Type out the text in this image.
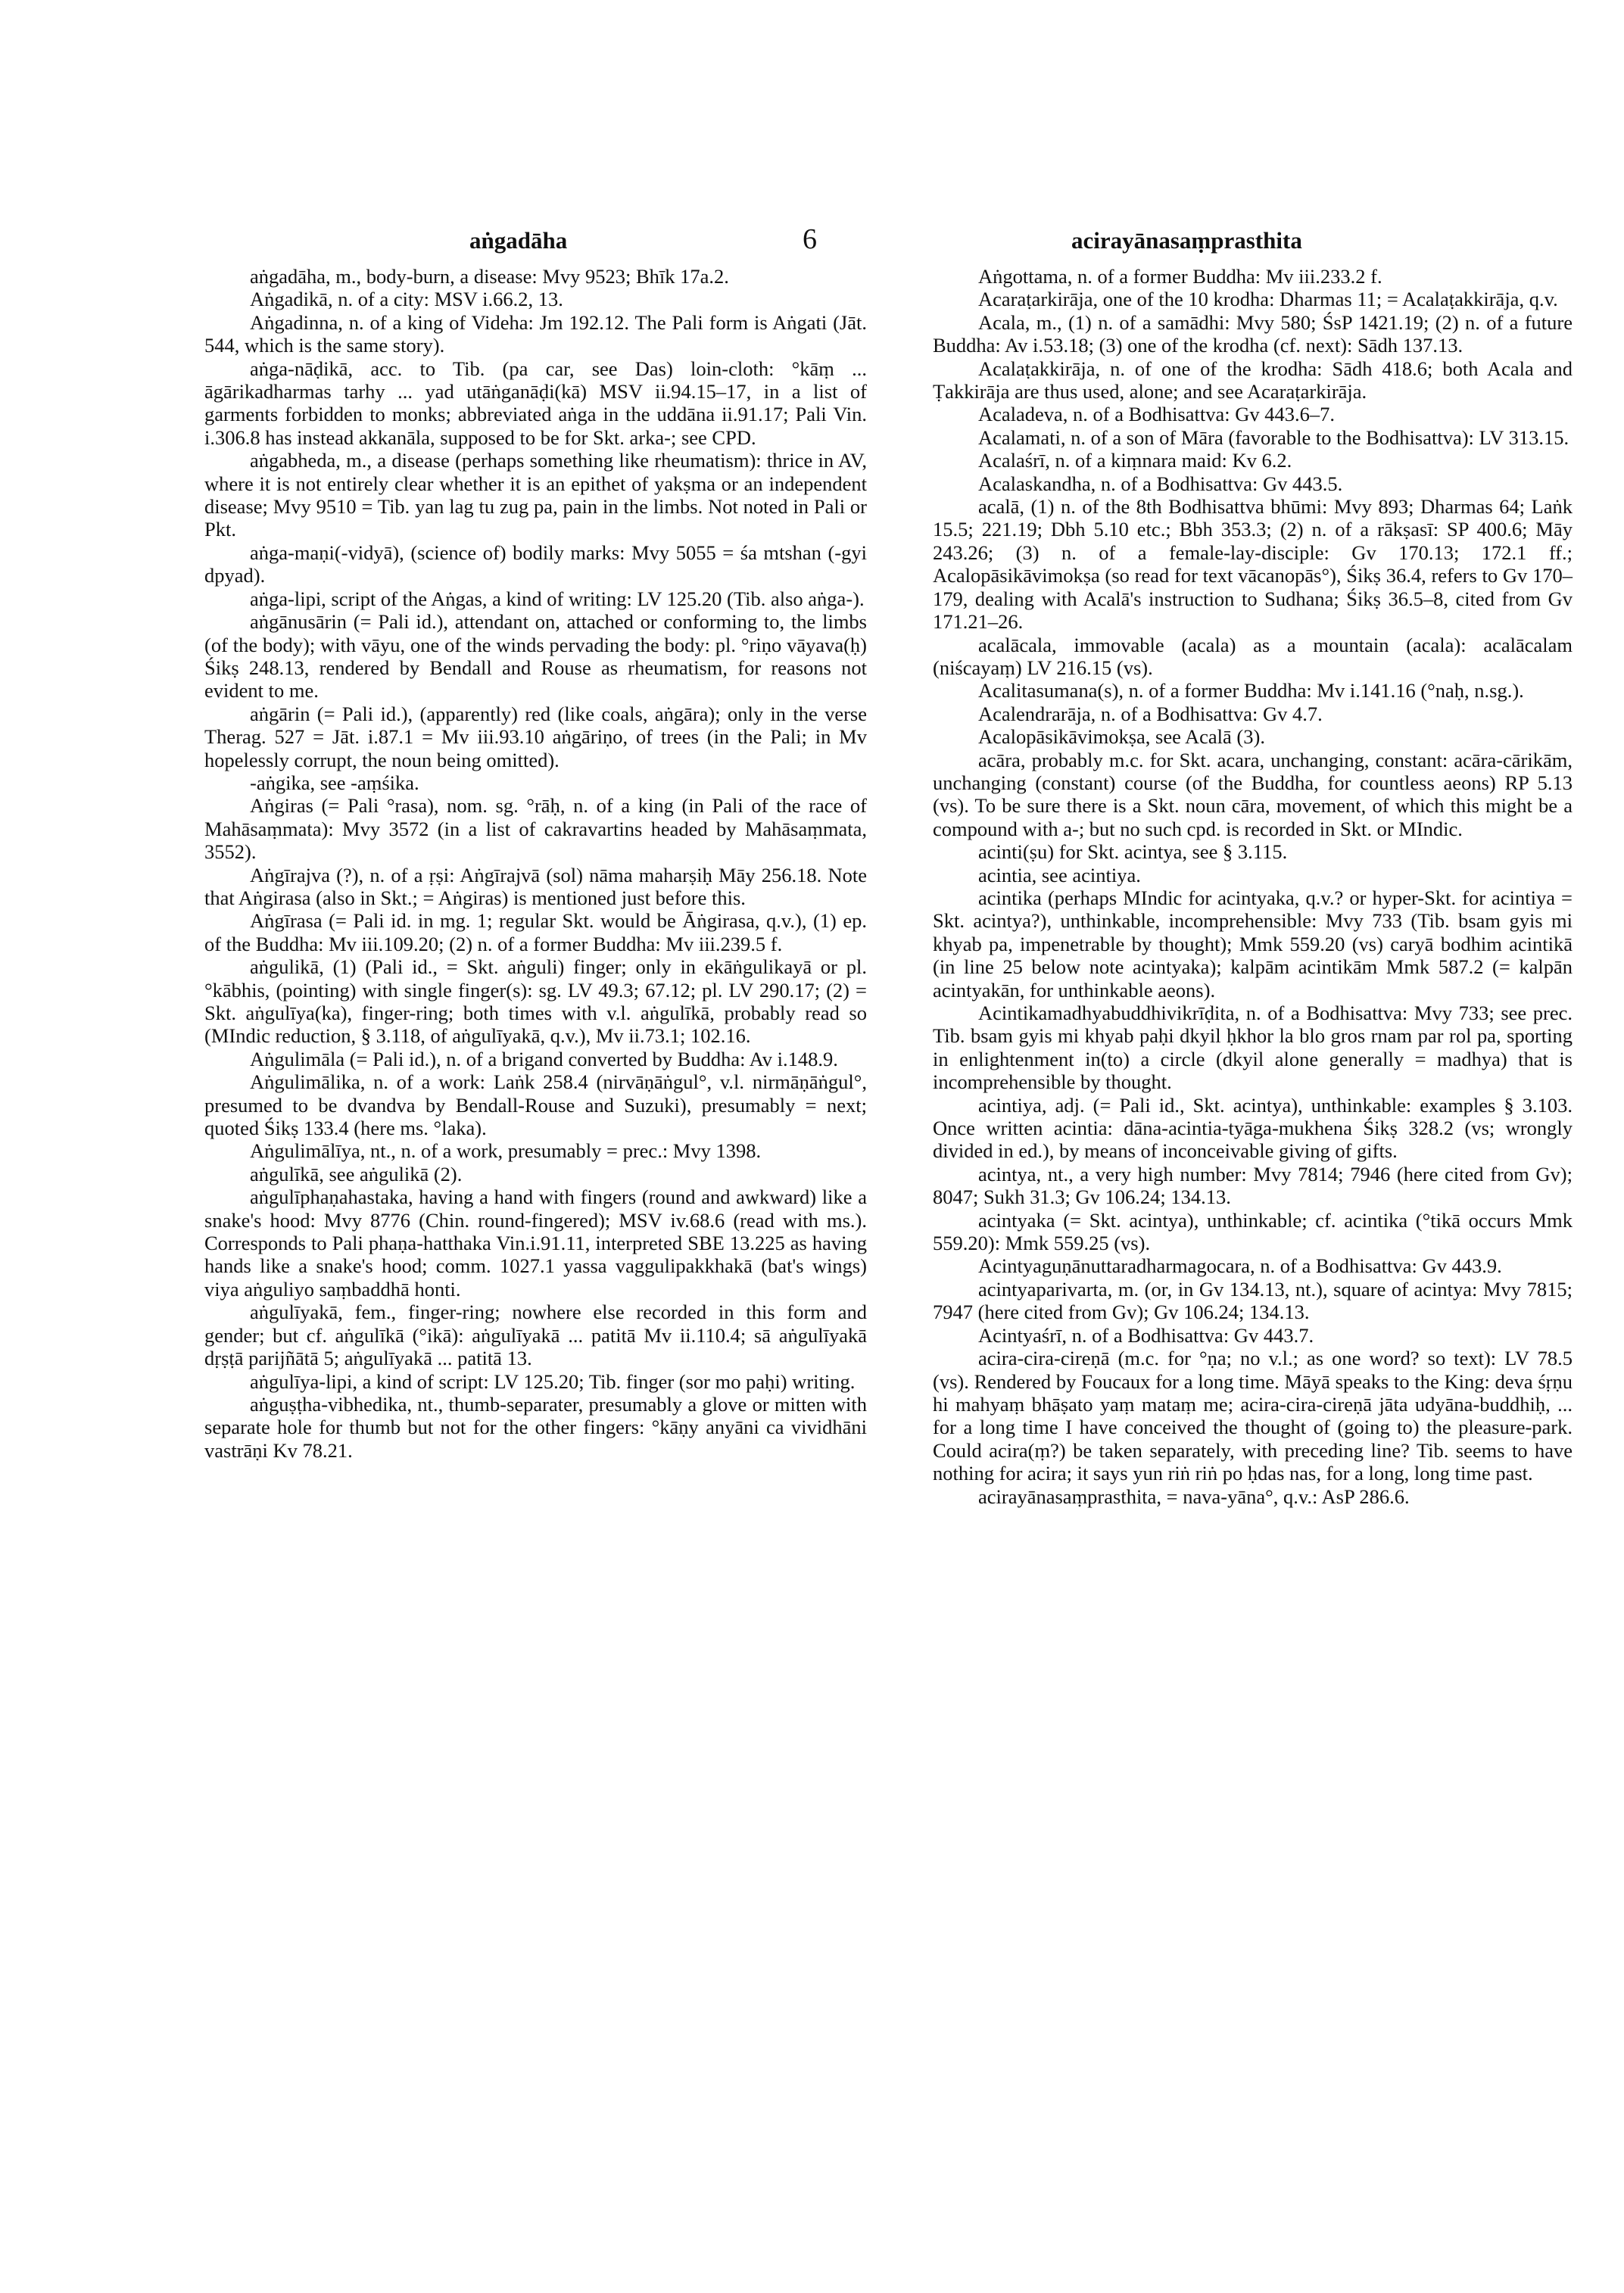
aṅgadāha	6	acirayānasaṃprasthita

aṅgadāha, m., body-burn, a disease: Mvy 9523; Bhīk 17a.2.

Aṅgadikā, n. of a city: MSV i.66.2, 13.

Aṅgadinna, n. of a king of Videha: Jm 192.12. The Pali form is Aṅgati (Jāt. 544, which is the same story).

aṅga-nāḍikā, acc. to Tib. (pa car, see Das) loin-cloth: °kāṃ ... āgārikadharmas tarhy ... yad utāṅganāḍi(kā) MSV ii.94.15–17, in a list of garments forbidden to monks; abbreviated aṅga in the uddāna ii.91.17; Pali Vin. i.306.8 has instead akkanāla, supposed to be for Skt. arka-; see CPD.

aṅgabheda, m., a disease (perhaps something like rheumatism): thrice in AV, where it is not entirely clear whether it is an epithet of yakṣma or an independent disease; Mvy 9510 = Tib. yan lag tu zug pa, pain in the limbs. Not noted in Pali or Pkt.

aṅga-maṇi(-vidyā), (science of) bodily marks: Mvy 5055 = śa mtshan (-gyi dpyad).

aṅga-lipi, script of the Aṅgas, a kind of writing: LV 125.20 (Tib. also aṅga-).

aṅgānusārin (= Pali id.), attendant on, attached or conforming to, the limbs (of the body); with vāyu, one of the winds pervading the body: pl. °riṇo vāyava(ḥ) Śikṣ 248.13, rendered by Bendall and Rouse as rheumatism, for reasons not evident to me.

aṅgārin (= Pali id.), (apparently) red (like coals, aṅgāra); only in the verse Therag. 527 = Jāt. i.87.1 = Mv iii.93.10 aṅgāriṇo, of trees (in the Pali; in Mv hopelessly corrupt, the noun being omitted).

-aṅgika, see -aṃśika.

Aṅgiras (= Pali °rasa), nom. sg. °rāḥ, n. of a king (in Pali of the race of Mahāsaṃmata): Mvy 3572 (in a list of cakravartins headed by Mahāsaṃmata, 3552).

Aṅgīrajva (?), n. of a ṛṣi: Aṅgīrajvā (sol) nāma maharṣiḥ Māy 256.18. Note that Aṅgirasa (also in Skt.; = Aṅgiras) is mentioned just before this.

Aṅgīrasa (= Pali id. in mg. 1; regular Skt. would be Āṅgirasa, q.v.), (1) ep. of the Buddha: Mv iii.109.20; (2) n. of a former Buddha: Mv iii.239.5 f.

aṅgulikā, (1) (Pali id., = Skt. aṅguli) finger; only in ekāṅgulikayā or pl. °kābhis, (pointing) with single finger(s): sg. LV 49.3; 67.12; pl. LV 290.17; (2) = Skt. aṅgulīya(ka), finger-ring; both times with v.l. aṅgulīkā, probably read so (MIndic reduction, § 3.118, of aṅgulīyakā, q.v.), Mv ii.73.1; 102.16.

Aṅgulimāla (= Pali id.), n. of a brigand converted by Buddha: Av i.148.9.

Aṅgulimālika, n. of a work: Laṅk 258.4 (nirvāṇāṅgul°, v.l. nirmāṇāṅgul°, presumed to be dvandva by Bendall-Rouse and Suzuki), presumably = next; quoted Śikṣ 133.4 (here ms. °laka).

Aṅgulimālīya, nt., n. of a work, presumably = prec.: Mvy 1398.

aṅgulīkā, see aṅgulikā (2).

aṅgulīphaṇahastaka, having a hand with fingers (round and awkward) like a snake's hood: Mvy 8776 (Chin. round-fingered); MSV iv.68.6 (read with ms.). Corresponds to Pali phaṇa-hatthaka Vin.i.91.11, interpreted SBE 13.225 as having hands like a snake's hood; comm. 1027.1 yassa vaggulipakkhakā (bat's wings) viya aṅguliyo saṃbaddhā honti.

aṅgulīyakā, fem., finger-ring; nowhere else recorded in this form and gender; but cf. aṅgulīkā (°ikā): aṅgulīyakā ... patitā Mv ii.110.4; sā aṅgulīyakā dṛṣṭā parijñātā 5; aṅgulīyakā ... patitā 13.

aṅgulīya-lipi, a kind of script: LV 125.20; Tib. finger (sor mo paḥi) writing.

aṅguṣṭha-vibhedika, nt., thumb-separater, presumably a glove or mitten with separate hole for thumb but not for the other fingers: °kāṇy anyāni ca vividhāni vastrāṇi Kv 78.21.

Aṅgottama, n. of a former Buddha: Mv iii.233.2 f.

Acaraṭarkirāja, one of the 10 krodha: Dharmas 11; = Acalaṭakkirāja, q.v.

Acala, m., (1) n. of a samādhi: Mvy 580; ŚsP 1421.19; (2) n. of a future Buddha: Av i.53.18; (3) one of the krodha (cf. next): Sādh 137.13.

Acalaṭakkirāja, n. of one of the krodha: Sādh 418.6; both Acala and Ṭakkirāja are thus used, alone; and see Acaraṭarkirāja.

Acaladeva, n. of a Bodhisattva: Gv 443.6–7.

Acalamati, n. of a son of Māra (favorable to the Bodhisattva): LV 313.15.

Acalaśrī, n. of a kiṃnara maid: Kv 6.2.

Acalaskandha, n. of a Bodhisattva: Gv 443.5.

acalā, (1) n. of the 8th Bodhisattva bhūmi: Mvy 893; Dharmas 64; Laṅk 15.5; 221.19; Dbh 5.10 etc.; Bbh 353.3; (2) n. of a rākṣasī: SP 400.6; Māy 243.26; (3) n. of a female-lay-disciple: Gv 170.13; 172.1 ff.; Acalopāsikāvimokṣa (so read for text vācanopās°), Śikṣ 36.4, refers to Gv 170–179, dealing with Acalā's instruction to Sudhana; Śikṣ 36.5–8, cited from Gv 171.21–26.

acalācala, immovable (acala) as a mountain (acala): acalācalam (niścayaṃ) LV 216.15 (vs).

Acalitasumana(s), n. of a former Buddha: Mv i.141.16 (°naḥ, n.sg.).

Acalendrarāja, n. of a Bodhisattva: Gv 4.7.

Acalopāsikāvimokṣa, see Acalā (3).

acāra, probably m.c. for Skt. acara, unchanging, constant: acāra-cārikām, unchanging (constant) course (of the Buddha, for countless aeons) RP 5.13 (vs). To be sure there is a Skt. noun cāra, movement, of which this might be a compound with a-; but no such cpd. is recorded in Skt. or MIndic.

acinti(ṣu) for Skt. acintya, see § 3.115.

acintia, see acintiya.

acintika (perhaps MIndic for acintyaka, q.v.? or hyper-Skt. for acintiya = Skt. acintya?), unthinkable, incomprehensible: Mvy 733 (Tib. bsam gyis mi khyab pa, impenetrable by thought); Mmk 559.20 (vs) caryā bodhim acintikā (in line 25 below note acintyaka); kalpām acintikām Mmk 587.2 (= kalpān acintyakān, for unthinkable aeons).

Acintikamadhyabuddhivikrīḍita, n. of a Bodhisattva: Mvy 733; see prec. Tib. bsam gyis mi khyab paḥi dkyil ḥkhor la blo gros rnam par rol pa, sporting in enlightenment in(to) a circle (dkyil alone generally = madhya) that is incomprehensible by thought.

acintiya, adj. (= Pali id., Skt. acintya), unthinkable: examples § 3.103. Once written acintia: dāna-acintia-tyāga-mukhena Śikṣ 328.2 (vs; wrongly divided in ed.), by means of inconceivable giving of gifts.

acintya, nt., a very high number: Mvy 7814; 7946 (here cited from Gv); 8047; Sukh 31.3; Gv 106.24; 134.13.

acintyaka (= Skt. acintya), unthinkable; cf. acintika (°tikā occurs Mmk 559.20): Mmk 559.25 (vs).

Acintyaguṇānuttaradharmagocara, n. of a Bodhisattva: Gv 443.9.

acintyaparivarta, m. (or, in Gv 134.13, nt.), square of acintya: Mvy 7815; 7947 (here cited from Gv); Gv 106.24; 134.13.

Acintyaśrī, n. of a Bodhisattva: Gv 443.7.

acira-cira-cireṇā (m.c. for °ṇa; no v.l.; as one word? so text): LV 78.5 (vs). Rendered by Foucaux for a long time. Māyā speaks to the King: deva śṛṇu hi mahyaṃ bhāṣato yaṃ mataṃ me; acira-cira-cireṇā jāta udyāna-buddhiḥ, ... for a long time I have conceived the thought of (going to) the pleasure-park. Could acira(ṃ?) be taken separately, with preceding line? Tib. seems to have nothing for acira; it says yun riṅ riṅ po ḥdas nas, for a long, long time past.

acirayānasaṃprasthita, = nava-yāna°, q.v.: AsP 286.6.
